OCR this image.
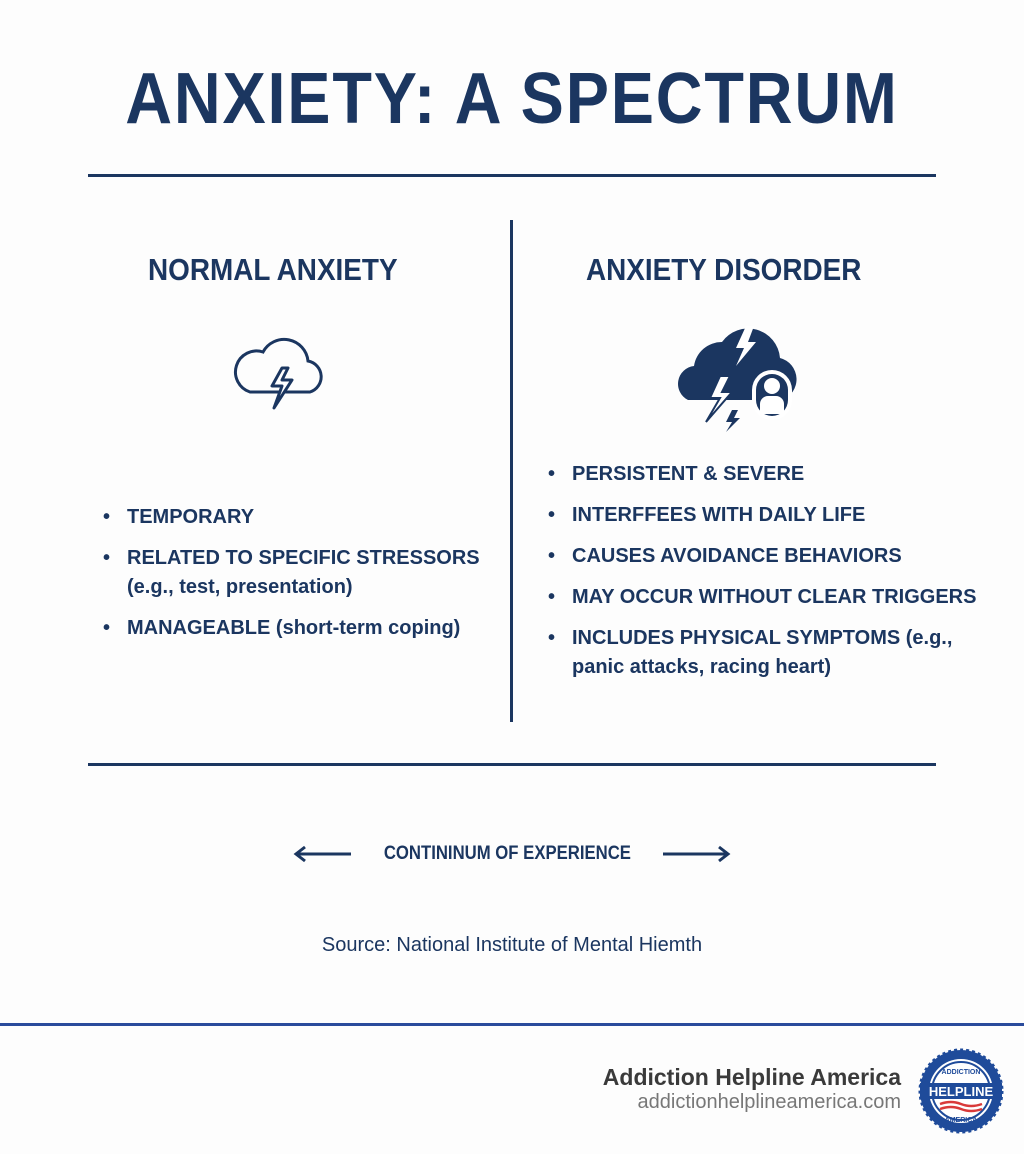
ANXIETY: A SPECTRUM
NORMAL ANXIETY
• TEMPORARY
• RELATED TO SPECIFIC STRESSORS
(e.g., test, presentation)
• MANAGEABLE (short-term coping)
ANXIETY DISORDER
• PERSISTENT & SEVERE
• INTERFFEES WITH DAILY LIFE
• CAUSES AVOIDANCE BEHAVIORS
• MAY OCCUR WITHOUT CLEAR TRIGGERS
• INCLUDES PHYSICAL SYMPTOMS (e.g.,
panic attacks, racing heart)
CONTININUM OF EXPERIENCE
Source: National Institute of Mental Hiemth
Addiction Helpline America
addictionhelplineamerica.com HELPLINE
ADDICTION
AMERICA
